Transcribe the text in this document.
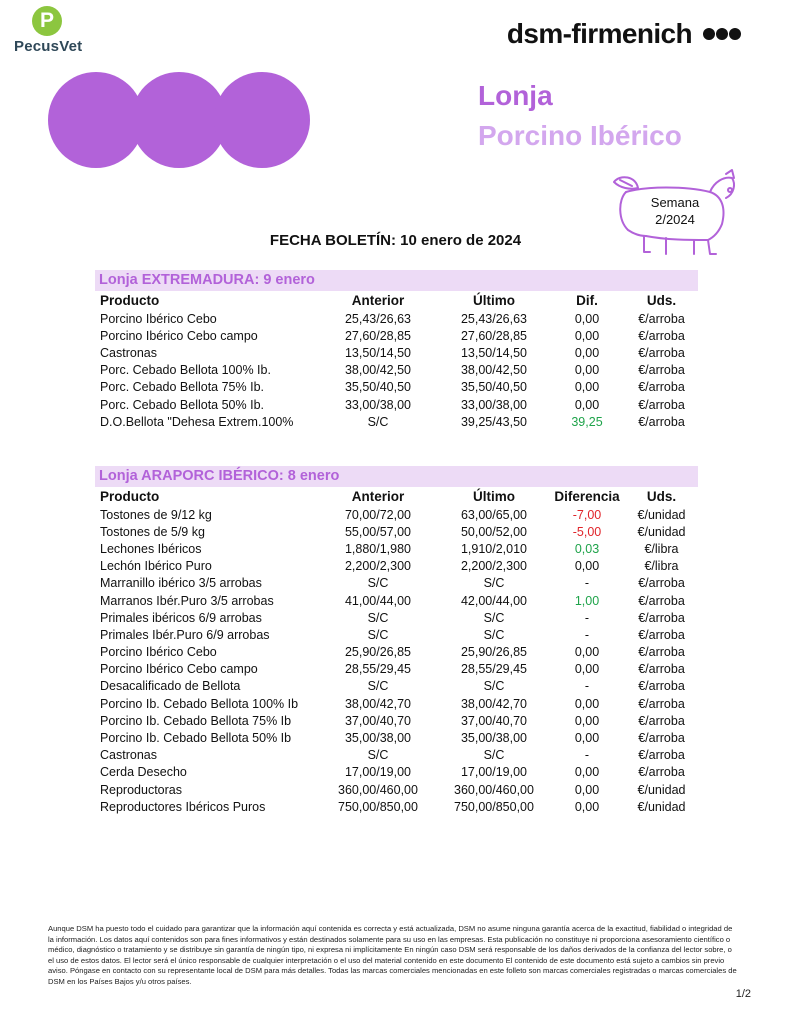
P
PecusVet	dsm-firmenich
Lonja
Porcino Ibérico
Semana
2/2024
FECHA BOLETÍN: 10 enero de 2024
Lonja EXTREMADURA: 9 enero
Producto	Anterior	Último	Dif.	Uds.
Porcino Ibérico Cebo	25,43/26,63	25,43/26,63	0,00	€/arroba
Porcino Ibérico Cebo campo	27,60/28,85	27,60/28,85	0,00	€/arroba
Castronas	13,50/14,50	13,50/14,50	0,00	€/arroba
Porc. Cebado Bellota 100% Ib.	38,00/42,50	38,00/42,50	0,00	€/arroba
Porc. Cebado Bellota 75% Ib.	35,50/40,50	35,50/40,50	0,00	€/arroba
Porc. Cebado Bellota 50% Ib.	33,00/38,00	33,00/38,00	0,00	€/arroba
D.O.Bellota "Dehesa Extrem.100%	S/C	39,25/43,50	39,25	€/arroba
Lonja ARAPORC IBÉRICO: 8 enero
Producto	Anterior	Último	Diferencia	Uds.
Tostones de 9/12 kg	70,00/72,00	63,00/65,00	-7,00	€/unidad
Tostones de 5/9 kg	55,00/57,00	50,00/52,00	-5,00	€/unidad
Lechones Ibéricos	1,880/1,980	1,910/2,010	0,03	€/libra
Lechón Ibérico Puro	2,200/2,300	2,200/2,300	0,00	€/libra
Marranillo ibérico 3/5 arrobas	S/C	S/C	-	€/arroba
Marranos Ibér.Puro 3/5 arrobas	41,00/44,00	42,00/44,00	1,00	€/arroba
Primales ibéricos 6/9 arrobas	S/C	S/C	-	€/arroba
Primales Ibér.Puro 6/9 arrobas	S/C	S/C	-	€/arroba
Porcino Ibérico Cebo	25,90/26,85	25,90/26,85	0,00	€/arroba
Porcino Ibérico Cebo campo	28,55/29,45	28,55/29,45	0,00	€/arroba
Desacalificado de Bellota	S/C	S/C	-	€/arroba
Porcino Ib. Cebado Bellota 100% Ib	38,00/42,70	38,00/42,70	0,00	€/arroba
Porcino Ib. Cebado Bellota 75% Ib	37,00/40,70	37,00/40,70	0,00	€/arroba
Porcino Ib. Cebado Bellota 50% Ib	35,00/38,00	35,00/38,00	0,00	€/arroba
Castronas	S/C	S/C	-	€/arroba
Cerda Desecho	17,00/19,00	17,00/19,00	0,00	€/arroba
Reproductoras	360,00/460,00	360,00/460,00	0,00	€/unidad
Reproductores Ibéricos Puros	750,00/850,00	750,00/850,00	0,00	€/unidad
Aunque DSM ha puesto todo el cuidado para garantizar que la información aquí contenida es correcta y está actualizada, DSM no asume ninguna garantía acerca de la exactitud, fiabilidad o integridad de la información. Los datos aquí contenidos son para fines informativos y están destinados solamente para su uso en las empresas. Esta publicación no constituye ni proporciona asesoramiento científico o médico, diagnóstico o tratamiento y se distribuye sin garantía de ningún tipo, ni expresa ni implícitamente En ningún caso DSM será responsable de los daños derivados de la confianza del lector sobre, o el uso de estos datos. El lector será el único responsable de cualquier interpretación o el uso del material contenido en este documento El contenido de este documento está sujeto a cambios sin previo aviso. Póngase en contacto con su representante local de DSM para más detalles. Todas las marcas comerciales mencionadas en este folleto son marcas comerciales registradas o marcas comerciales de DSM en los Países Bajos y/u otros países.
1/2
